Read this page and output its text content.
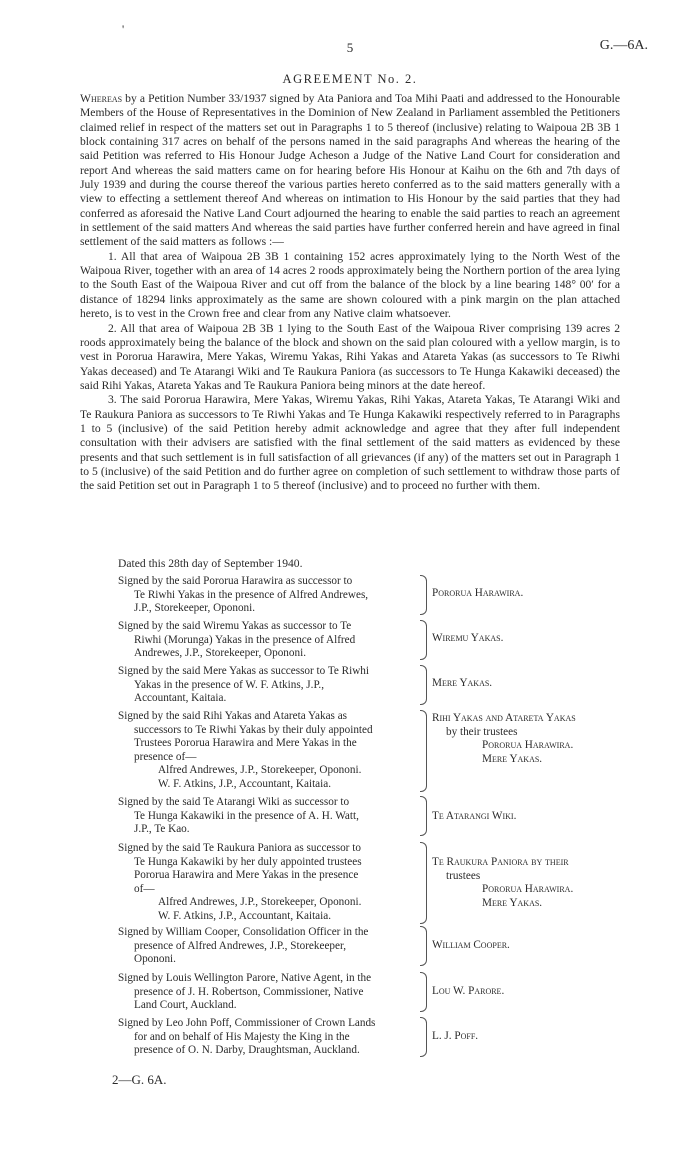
'
5	G.—6A.
AGREEMENT No. 2.

Whereas by a Petition Number 33/1937 signed by Ata Paniora and Toa Mihi Paati and addressed to the Honourable Members of the House of Representatives in the Dominion of New Zealand in Parliament assembled the Petitioners claimed relief in respect of the matters set out in Paragraphs 1 to 5 thereof (inclusive) relating to Waipoua 2B 3B 1 block containing 317 acres on behalf of the persons named in the said paragraphs And whereas the hearing of the said Petition was referred to His Honour Judge Acheson a Judge of the Native Land Court for consideration and report And whereas the said matters came on for hearing before His Honour at Kaihu on the 6th and 7th days of July 1939 and during the course thereof the various parties hereto conferred as to the said matters generally with a view to effecting a settlement thereof And whereas on intimation to His Honour by the said parties that they had conferred as aforesaid the Native Land Court adjourned the hearing to enable the said parties to reach an agreement in settlement of the said matters And whereas the said parties have further conferred herein and have agreed in final settlement of the said matters as follows :—

1. All that area of Waipoua 2B 3B 1 containing 152 acres approximately lying to the North West of the Waipoua River, together with an area of 14 acres 2 roods approximately being the Northern portion of the area lying to the South East of the Waipoua River and cut off from the balance of the block by a line bearing 148° 00′ for a distance of 18294 links approximately as the same are shown coloured with a pink margin on the plan attached hereto, is to vest in the Crown free and clear from any Native claim whatsoever.

2. All that area of Waipoua 2B 3B 1 lying to the South East of the Waipoua River comprising 139 acres 2 roods approximately being the balance of the block and shown on the said plan coloured with a yellow margin, is to vest in Pororua Harawira, Mere Yakas, Wiremu Yakas, Rihi Yakas and Atareta Yakas (as successors to Te Riwhi Yakas deceased) and Te Atarangi Wiki and Te Raukura Paniora (as successors to Te Hunga Kakawiki deceased) the said Rihi Yakas, Atareta Yakas and Te Raukura Paniora being minors at the date hereof.

3. The said Pororua Harawira, Mere Yakas, Wiremu Yakas, Rihi Yakas, Atareta Yakas, Te Atarangi Wiki and Te Raukura Paniora as successors to Te Riwhi Yakas and Te Hunga Kakawiki respectively referred to in Paragraphs 1 to 5 (inclusive) of the said Petition hereby admit acknowledge and agree that they after full independent consultation with their advisers are satisfied with the final settlement of the said matters as evidenced by these presents and that such settlement is in full satisfaction of all grievances (if any) of the matters set out in Paragraph 1 to 5 (inclusive) of the said Petition and do further agree on completion of such settlement to withdraw those parts of the said Petition set out in Paragraph 1 to 5 thereof (inclusive) and to proceed no further with them.

Dated this 28th day of September 1940.
Signed by the said Pororua Harawira as successor to
Te Riwhi Yakas in the presence of Alfred Andrewes,
J.P., Storekeeper, Opononi.
Pororua Harawira.
Signed by the said Wiremu Yakas as successor to Te
Riwhi (Morunga) Yakas in the presence of Alfred
Andrewes, J.P., Storekeeper, Opononi.
Wiremu Yakas.
Signed by the said Mere Yakas as successor to Te Riwhi
Yakas in the presence of W. F. Atkins, J.P.,
Accountant, Kaitaia.
Mere Yakas.
Signed by the said Rihi Yakas and Atareta Yakas as
successors to Te Riwhi Yakas by their duly appointed
Trustees Pororua Harawira and Mere Yakas in the
presence of—
Alfred Andrewes, J.P., Storekeeper, Opononi.
W. F. Atkins, J.P., Accountant, Kaitaia.
Rihi Yakas and Atareta Yakas
by their trustees
Pororua Harawira.
Mere Yakas.
Signed by the said Te Atarangi Wiki as successor to
Te Hunga Kakawiki in the presence of A. H. Watt,
J.P., Te Kao.
Te Atarangi Wiki.
Signed by the said Te Raukura Paniora as successor to
Te Hunga Kakawiki by her duly appointed trustees
Pororua Harawira and Mere Yakas in the presence
of—
Alfred Andrewes, J.P., Storekeeper, Opononi.
W. F. Atkins, J.P., Accountant, Kaitaia.
Te Raukura Paniora by their
trustees
Pororua Harawira.
Mere Yakas.
Signed by William Cooper, Consolidation Officer in the
presence of Alfred Andrewes, J.P., Storekeeper,
Opononi.
William Cooper.
Signed by Louis Wellington Parore, Native Agent, in the
presence of J. H. Robertson, Commissioner, Native
Land Court, Auckland.
Lou W. Parore.
Signed by Leo John Poff, Commissioner of Crown Lands
for and on behalf of His Majesty the King in the
presence of O. N. Darby, Draughtsman, Auckland.
L. J. Poff.
2—G. 6A.
